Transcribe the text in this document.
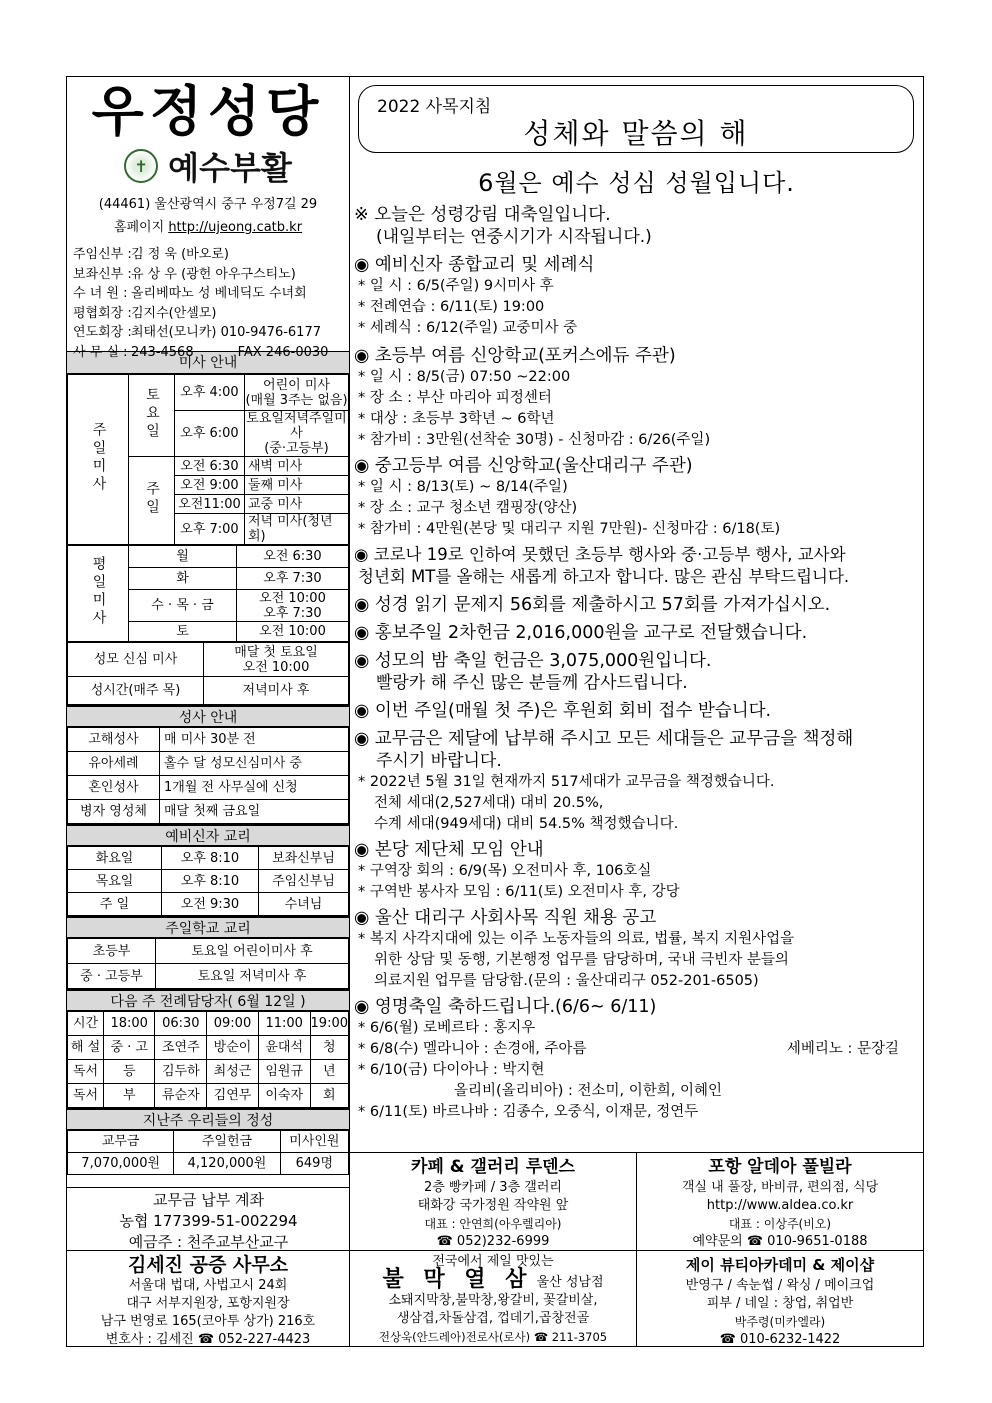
우정성당
✝ 예수부활
(44461) 울산광역시 중구 우정7길 29
홈페이지 http://ujeong.catb.kr
주임신부 : 김 정 욱 (바오로)
보좌신부 : 유 상 우 (광헌 아우구스티노)
수 녀 원 : 올리베따노 성 베네딕도 수녀회
평협회장 : 김지수(안셀모)
연도회장 : 최태선(모니카) 010-9476-6177
사 무 실 : 243-4568	FAX 246-0030
미사 안내
주일미사	토요일	오후 4:00	어린이 미사
(매월 3주는 없음)
		오후 6:00	토요일저녁주일미사
(중·고등부)
	주일	오전 6:30	새벽 미사
		오전 9:00	둘째 미사
		오전11:00	교중 미사
		오후 7:00	저녁 미사(청년회)
평일미사	월	오전 6:30
	화	오후 7:30
	수 · 목 · 금	오전 10:00
오후 7:30
	토	오전 10:00
성모 신심 미사	매달 첫 토요일
오전 10:00
성시간(매주 목)	저녁미사 후
성사 안내
고해성사	매 미사 30분 전
유아세례	홀수 달 성모신심미사 중
혼인성사	1개월 전 사무실에 신청
병자 영성체	매달 첫째 금요일
예비신자 교리
화요일	오후 8:10	보좌신부님
목요일	오후 8:10	주임신부님
주 일	오전 9:30	수녀님
주일학교 교리
초등부	토요일 어린이미사 후
중 · 고등부	토요일 저녁미사 후
다음 주 전례담당자( 6월 12일 )
시간	18:00	06:30	09:00	11:00	19:00
해 설	중 · 고	조연주	방순이	윤대석	청
독서	등	김두하	최성근	임원규	년
독서	부	류순자	김연무	이숙자	회
지난주 우리들의 정성
교무금	주일헌금	미사인원
7,070,000원	4,120,000원	649명
교무금 납부 계좌
농협 177399-51-002294
예금주 : 천주교부산교구
2022 사목지침
성체와 말씀의 해
6월은 예수 성심 성월입니다.
※ 오늘은 성령강림 대축일입니다.
(내일부터는 연중시기가 시작됩니다.)
◉ 예비신자 종합교리 및 세례식
* 일 시 : 6/5(주일) 9시미사 후
* 전례연습 : 6/11(토) 19:00
* 세례식 : 6/12(주일) 교중미사 중
◉ 초등부 여름 신앙학교(포커스에듀 주관)
* 일 시 : 8/5(금) 07:50 ~22:00
* 장 소 : 부산 마리아 피정센터
* 대상 : 초등부 3학년 ~ 6학년
* 참가비 : 3만원(선착순 30명) - 신청마감 : 6/26(주일)
◉ 중고등부 여름 신앙학교(울산대리구 주관)
* 일 시 : 8/13(토) ~ 8/14(주일)
* 장 소 : 교구 청소년 캠핑장(양산)
* 참가비 : 4만원(본당 및 대리구 지원 7만원)- 신청마감 : 6/18(토)
◉ 코로나 19로 인하여 못했던 초등부 행사와 중·고등부 행사, 교사와
청년회 MT를 올해는 새롭게 하고자 합니다. 많은 관심 부탁드립니다.
◉ 성경 읽기 문제지 56회를 제출하시고 57회를 가져가십시오.
◉ 홍보주일 2차헌금 2,016,000원을 교구로 전달했습니다.
◉ 성모의 밤 축일 헌금은 3,075,000원입니다.
빨랑카 해 주신 많은 분들께 감사드립니다.
◉ 이번 주일(매월 첫 주)은 후원회 회비 접수 받습니다.
◉ 교무금은 제달에 납부해 주시고 모든 세대들은 교무금을 책정해
주시기 바랍니다.
* 2022년 5월 31일 현재까지 517세대가 교무금을 책정했습니다.
전체 세대(2,527세대) 대비 20.5%,
수계 세대(949세대) 대비 54.5% 책정했습니다.
◉ 본당 제단체 모임 안내
* 구역장 회의 : 6/9(목) 오전미사 후, 106호실
* 구역반 봉사자 모임 : 6/11(토) 오전미사 후, 강당
◉ 울산 대리구 사회사목 직원 채용 공고
* 복지 사각지대에 있는 이주 노동자들의 의료, 법률, 복지 지원사업을
위한 상담 및 동행, 기본행정 업무를 담당하며, 국내 극빈자 분들의
의료지원 업무를 담당함.(문의 : 울산대리구 052-201-6505)
◉ 영명축일 축하드립니다.(6/6~ 6/11)
* 6/6(월) 로베르타 : 홍지우
* 6/8(수) 멜라니아 : 손경애, 주아름	세베리노 : 문장길
* 6/10(금) 다이아나 : 박지현
올리비(올리비아) : 전소미, 이한희, 이혜인
* 6/11(토) 바르나바 : 김종수, 오중식, 이재문, 정연두
카페 & 갤러리 루덴스
2층 빵카페 / 3층 갤러리
태화강 국가정원 작약원 앞
대표 : 안연희(아우렐리아)
☎ 052)232-6999
포항 알데아 풀빌라
객실 내 풀장, 바비큐, 편의점, 식당
http://www.aldea.co.kr
대표 : 이상주(비오)
예약문의 ☎ 010-9651-0188
김세진 공증 사무소
서울대 법대, 사법고시 24회
대구 서부지원장, 포항지원장
남구 번영로 165(코아투 상가) 216호
변호사 : 김세진 ☎ 052-227-4423
전국에서 제일 맛있는
불 막 열 삼 울산 성남점
소돼지막창,불막창,왕갈비, 꽃갈비살,
생삼겹,차돌삼겹, 껍데기,곱창전골
전상욱(안드레아)전로사(로사) ☎ 211-3705
제이 뷰티아카데미 & 제이샵
반영구 / 속눈썹 / 왁싱 / 메이크업
피부 / 네일 : 창업, 취업반
박주령(미카엘라)
☎ 010-6232-1422
